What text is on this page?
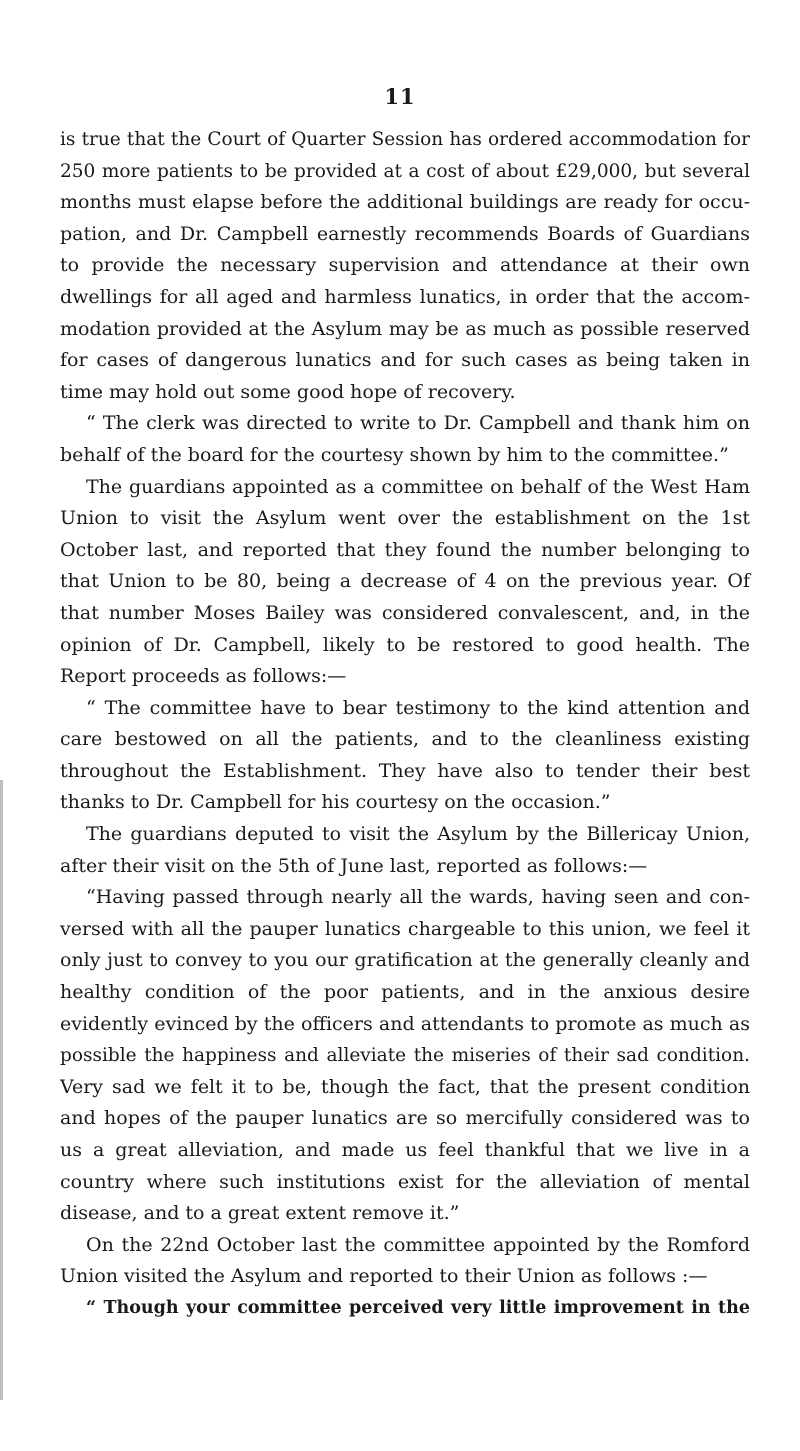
11
is true that the Court of Quarter Session has ordered accommodation for
250 more patients to be provided at a cost of about £29,000, but several
months must elapse before the additional buildings are ready for occu-
pation, and Dr. Campbell earnestly recommends Boards of Guardians
to provide the necessary supervision and attendance at their own
dwellings for all aged and harmless lunatics, in order that the accom-
modation provided at the Asylum may be as much as possible reserved
for cases of dangerous lunatics and for such cases as being taken in
time may hold out some good hope of recovery.
“ The clerk was directed to write to Dr. Campbell and thank him on
behalf of the board for the courtesy shown by him to the committee.”
The guardians appointed as a committee on behalf of the West Ham
Union to visit the Asylum went over the establishment on the 1st
October last, and reported that they found the number belonging to
that Union to be 80, being a decrease of 4 on the previous year. Of
that number Moses Bailey was considered convalescent, and, in the
opinion of Dr. Campbell, likely to be restored to good health. The
Report proceeds as follows:—
“ The committee have to bear testimony to the kind attention and
care bestowed on all the patients, and to the cleanliness existing
throughout the Establishment. They have also to tender their best
thanks to Dr. Campbell for his courtesy on the occasion.”
The guardians deputed to visit the Asylum by the Billericay Union,
after their visit on the 5th of June last, reported as follows:—
“Having passed through nearly all the wards, having seen and con-
versed with all the pauper lunatics chargeable to this union, we feel it
only just to convey to you our gratification at the generally cleanly and
healthy condition of the poor patients, and in the anxious desire
evidently evinced by the officers and attendants to promote as much as
possible the happiness and alleviate the miseries of their sad condition.
Very sad we felt it to be, though the fact, that the present condition
and hopes of the pauper lunatics are so mercifully considered was to
us a great alleviation, and made us feel thankful that we live in a
country where such institutions exist for the alleviation of mental
disease, and to a great extent remove it.”
On the 22nd October last the committee appointed by the Romford
Union visited the Asylum and reported to their Union as follows :—
“ Though your committee perceived very little improvement in the
